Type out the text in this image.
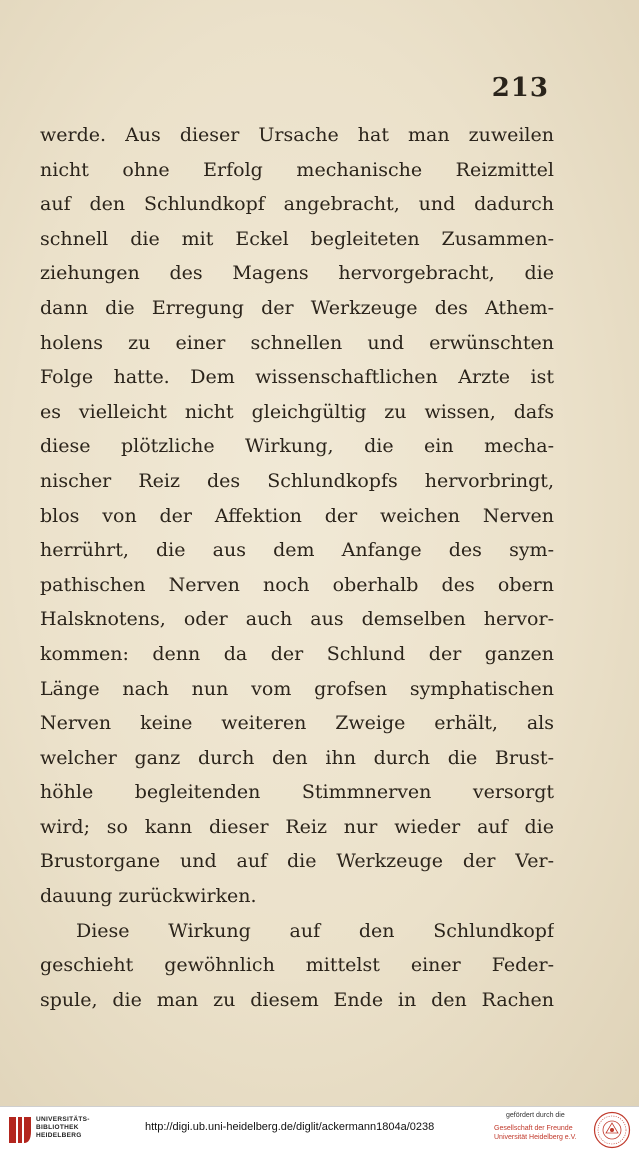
213
werde. Aus dieser Ursache hat man zuweilen
nicht ohne Erfolg mechanische Reizmittel
auf den Schlundkopf angebracht, und dadurch
schnell die mit Eckel begleiteten Zusammen-
ziehungen des Magens hervorgebracht, die
dann die Erregung der Werkzeuge des Athem-
holens zu einer schnellen und erwünschten
Folge hatte. Dem wissenschaftlichen Arzte ist
es vielleicht nicht gleichgültig zu wissen, dafs
diese plötzliche Wirkung, die ein mecha-
nischer Reiz des Schlundkopfs hervorbringt,
blos von der Affektion der weichen Nerven
herrührt, die aus dem Anfange des sym-
pathischen Nerven noch oberhalb des obern
Halsknotens, oder auch aus demselben hervor-
kommen: denn da der Schlund der ganzen
Länge nach nun vom grofsen symphatischen
Nerven keine weiteren Zweige erhält, als
welcher ganz durch den ihn durch die Brust-
höhle begleitenden Stimmnerven versorgt
wird; so kann dieser Reiz nur wieder auf die
Brustorgane und auf die Werkzeuge der Ver-
dauung zurückwirken.
Diese Wirkung auf den Schlundkopf
geschieht gewöhnlich mittelst einer Feder-
spule, die man zu diesem Ende in den Rachen
UNIVERSITÄTS-
BIBLIOTHEK
HEIDELBERG
http://digi.ub.uni-heidelberg.de/diglit/ackermann1804a/0238
gefördert durch die
Gesellschaft der Freunde
Universität Heidelberg e.V.
